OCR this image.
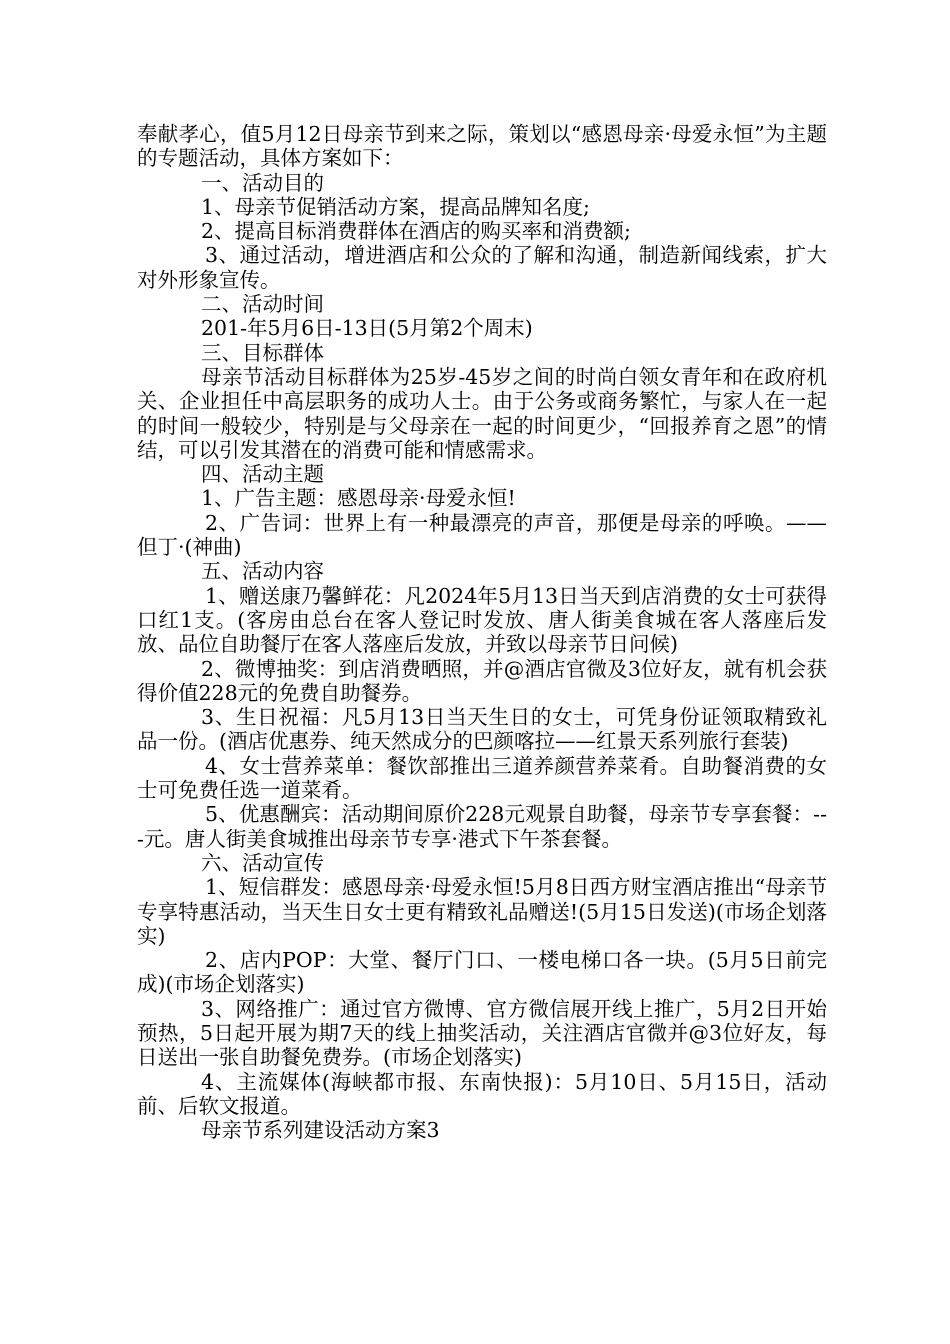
奉献孝心，值5月12日母亲节到来之际，策划以“感恩母亲·母爱永恒”为主题的专题活动，具体方案如下：

一、活动目的

1、母亲节促销活动方案，提高品牌知名度;

2、提高目标消费群体在酒店的购买率和消费额;

3、通过活动，增进酒店和公众的了解和沟通，制造新闻线索，扩大对外形象宣传。

二、活动时间

201-年5月6日-13日(5月第2个周末)

三、目标群体

母亲节活动目标群体为25岁-45岁之间的时尚白领女青年和在政府机关、企业担任中高层职务的成功人士。由于公务或商务繁忙，与家人在一起的时间一般较少，特别是与父母亲在一起的时间更少，“回报养育之恩”的情结，可以引发其潜在的消费可能和情感需求。

四、活动主题

1、广告主题：感恩母亲·母爱永恒!

2、广告词：世界上有一种最漂亮的声音，那便是母亲的呼唤。——但丁·(神曲)

五、活动内容

1、赠送康乃馨鲜花：凡2024年5月13日当天到店消费的女士可获得口红1支。(客房由总台在客人登记时发放、唐人街美食城在客人落座后发放、品位自助餐厅在客人落座后发放，并致以母亲节日问候)

2、微博抽奖：到店消费晒照，并@酒店官微及3位好友，就有机会获得价值228元的免费自助餐券。

3、生日祝福：凡5月13日当天生日的女士，可凭身份证领取精致礼品一份。(酒店优惠券、纯天然成分的巴颜喀拉——红景天系列旅行套装)

4、女士营养菜单：餐饮部推出三道养颜营养菜肴。自助餐消费的女士可免费任选一道菜肴。

5、优惠酬宾：活动期间原价228元观景自助餐，母亲节专享套餐：---元。唐人街美食城推出母亲节专享·港式下午茶套餐。

六、活动宣传

1、短信群发：感恩母亲·母爱永恒!5月8日西方财宝酒店推出“母亲节专享特惠活动，当天生日女士更有精致礼品赠送!(5月15日发送)(市场企划落实)

2、店内POP：大堂、餐厅门口、一楼电梯口各一块。(5月5日前完成)(市场企划落实)

3、网络推广：通过官方微博、官方微信展开线上推广，5月2日开始预热，5日起开展为期7天的线上抽奖活动，关注酒店官微并@3位好友，每日送出一张自助餐免费券。(市场企划落实)

4、主流媒体(海峡都市报、东南快报)：5月10日、5月15日，活动前、后软文报道。

母亲节系列建设活动方案3
